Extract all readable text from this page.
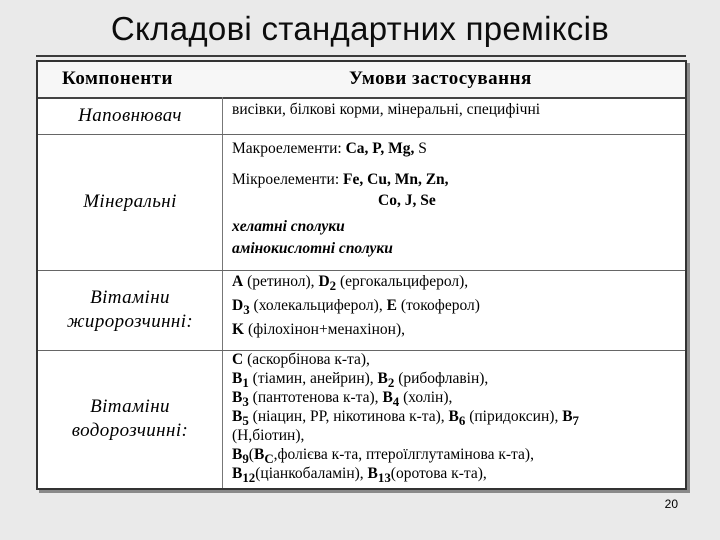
Складові стандартних преміксів
Компоненти	Умови застосування
Наповнювач	висівки, білкові корми, мінеральні, специфічні
Мінеральні
Макроелементи: Ca, P, Mg, S
Мікроелементи: Fe, Cu, Mn, Zn,
Co, J, Se
хелатні сполуки
амінокислотні сполуки
Вітаміни
жиророзчинні:
A (ретинол), $D_2$ (ергокальциферол),
$D_3$ (холекальциферол), E (токоферол)
K (філохінон+менахінон),
Вітаміни
водорозчинні:
C (аскорбінова к-та),
$B_1$ (тіамин, анейрин), $B_2$ (рибофлавін),
$B_3$ (пантотенова к-та), $B_4$ (холін),
$B_5$ (ніацин, PP, нікотинова к-та), $B_6$ (піридоксин), $B_7$
(H,біотин),
$B_9(B_C,фолієва$ к-та, птероїлглутамінова к-та),
$B_{12}(ціанкобаламін)$, $B_{13}(оротова$ к-та),
20
